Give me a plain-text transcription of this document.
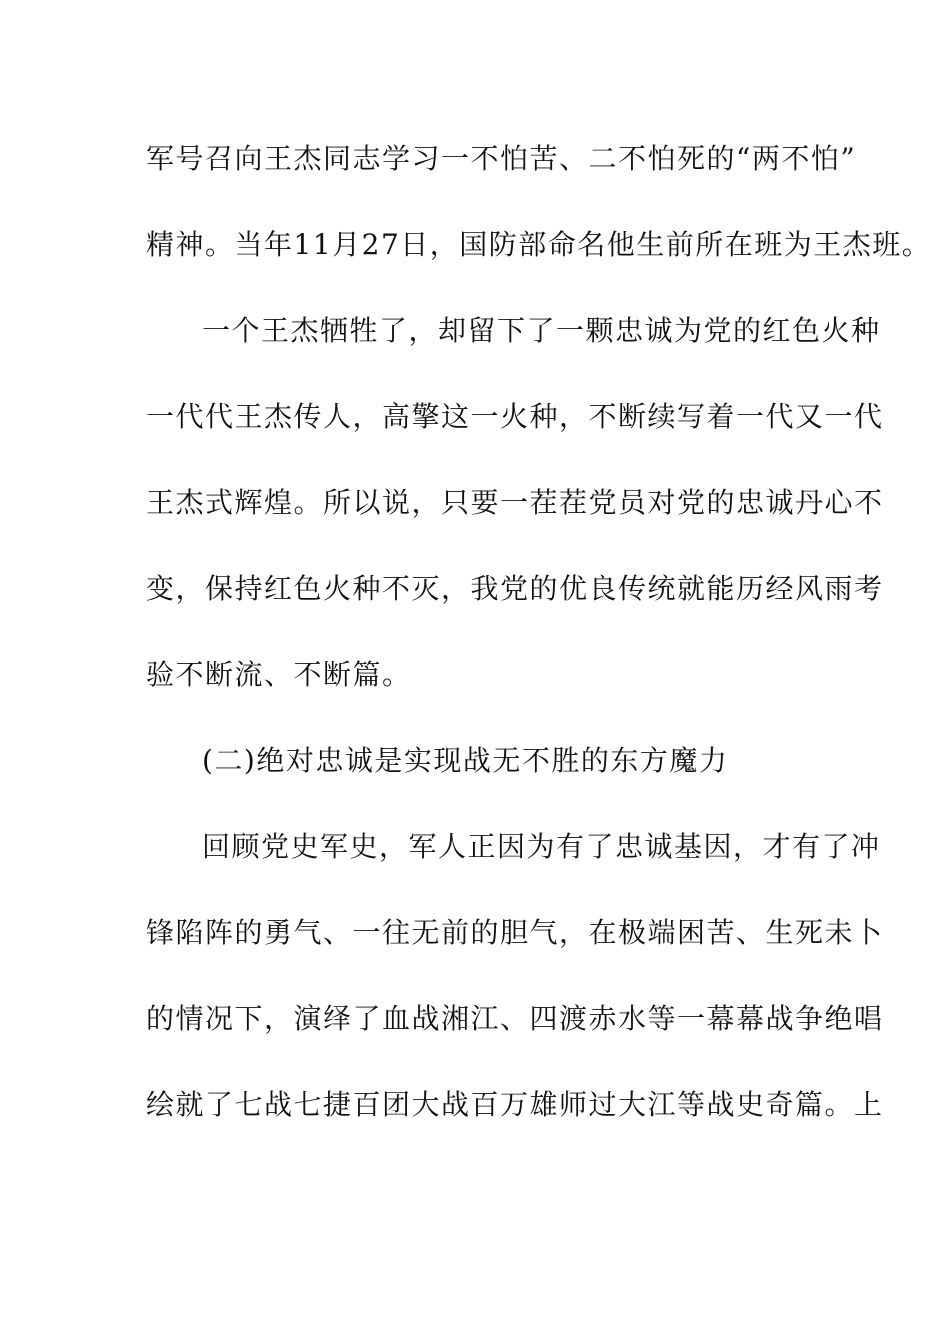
军号召向王杰同志学习一不怕苦、二不怕死的“两不怕”
精神。当年11月27日，国防部命名他生前所在班为王杰班。
一个王杰牺牲了，却留下了一颗忠诚为党的红色火种
一代代王杰传人，高擎这一火种，不断续写着一代又一代
王杰式辉煌。所以说，只要一茬茬党员对党的忠诚丹心不
变，保持红色火种不灭，我党的优良传统就能历经风雨考
验不断流、不断篇。
(二)绝对忠诚是实现战无不胜的东方魔力
回顾党史军史，军人正因为有了忠诚基因，才有了冲
锋陷阵的勇气、一往无前的胆气，在极端困苦、生死未卜
的情况下，演绎了血战湘江、四渡赤水等一幕幕战争绝唱
绘就了七战七捷百团大战百万雄师过大江等战史奇篇。上
